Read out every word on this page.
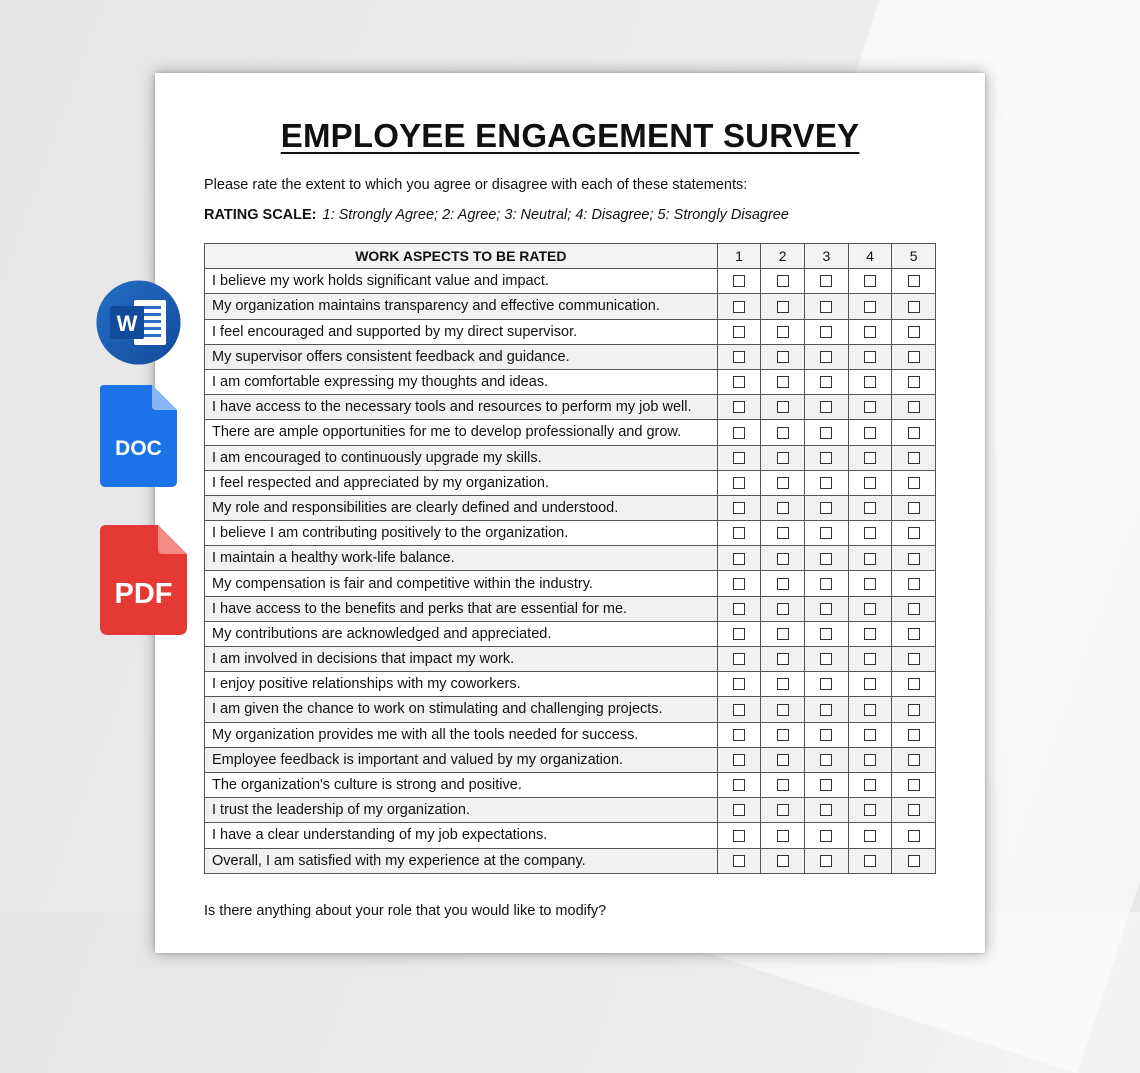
EMPLOYEE ENGAGEMENT SURVEY
Please rate the extent to which you agree or disagree with each of these statements:
RATING SCALE: 1: Strongly Agree; 2: Agree; 3: Neutral; 4: Disagree; 5: Strongly Disagree
WORK ASPECTS TO BE RATED	1	2	3	4	5
I believe my work holds significant value and impact.					
My organization maintains transparency and effective communication.					
I feel encouraged and supported by my direct supervisor.					
My supervisor offers consistent feedback and guidance.					
I am comfortable expressing my thoughts and ideas.					
I have access to the necessary tools and resources to perform my job well.					
There are ample opportunities for me to develop professionally and grow.					
I am encouraged to continuously upgrade my skills.					
I feel respected and appreciated by my organization.					
My role and responsibilities are clearly defined and understood.					
I believe I am contributing positively to the organization.					
I maintain a healthy work-life balance.					
My compensation is fair and competitive within the industry.					
I have access to the benefits and perks that are essential for me.					
My contributions are acknowledged and appreciated.					
I am involved in decisions that impact my work.					
I enjoy positive relationships with my coworkers.					
I am given the chance to work on stimulating and challenging projects.					
My organization provides me with all the tools needed for success.					
Employee feedback is important and valued by my organization.					
The organization's culture is strong and positive.					
I trust the leadership of my organization.					
I have a clear understanding of my job expectations.					
Overall, I am satisfied with my experience at the company.					
Is there anything about your role that you would like to modify?
W
DOC
PDF
